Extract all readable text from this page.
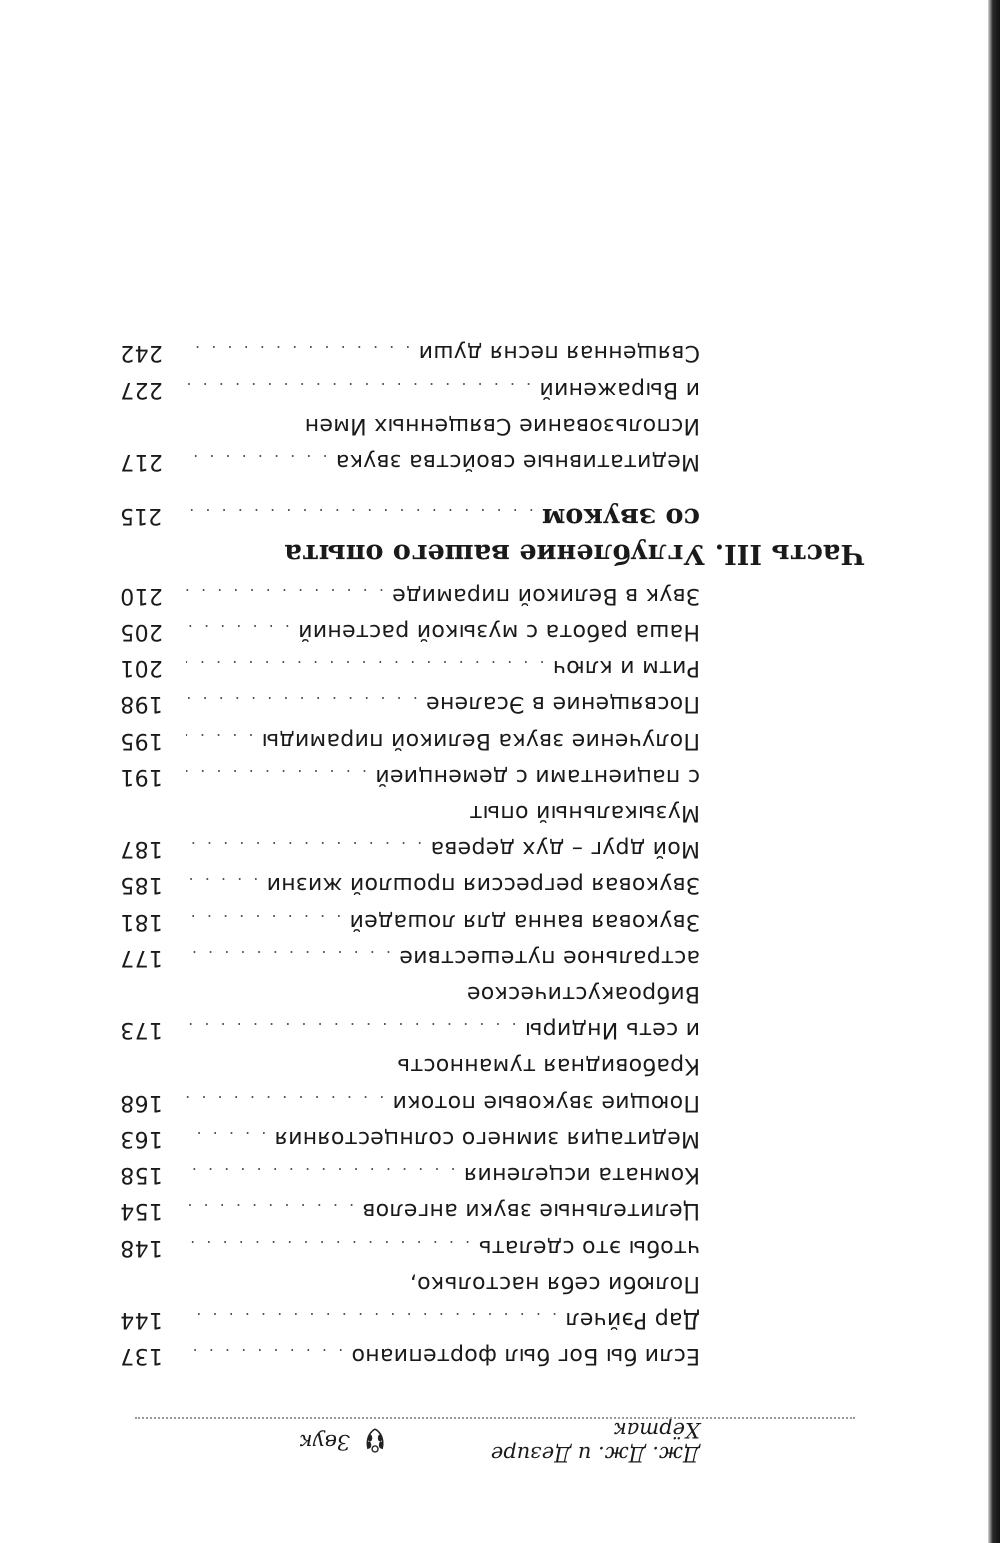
Дж. Дж. и Дезире Хёртак
Звук
Если бы Бог был фортепиано
. . .
137
Дар Рэйчел
. . .
144
Полюби себя настолько,
чтобы это сделать
. . .
148
Целительные звуки ангелов
. . .
154
Комната исцеления
. . .
158
Медитация зимнего солнцестояния
. . .
163
Поющие звуковые потоки
. . .
168
Крабовидная туманность
и сеть Индиры
. . .
173
Виброакустическое
астральное путешествие
. . .
177
Звуковая ванна для лошадей
. . .
181
Звуковая регрессия прошлой жизни
. . .
185
Мой друг – дух дерева
. . .
187
Музыкальный опыт
с пациентами с деменцией
. . .
191
Получение звука Великой пирамиды
. . .
195
Посвящение в Эсалене
. . .
198
Ритм и ключ
. . .
201
Наша работа с музыкой растений
. . .
205
Звук в Великой пирамиде
. . .
210
Медитативные свойства звука
. . .
217
Использование Священных Имен
и Выражений
. . .
227
Священная песня души
. . .
242
Часть III. Углубление вашего опыта
со звуком
. . .
215
